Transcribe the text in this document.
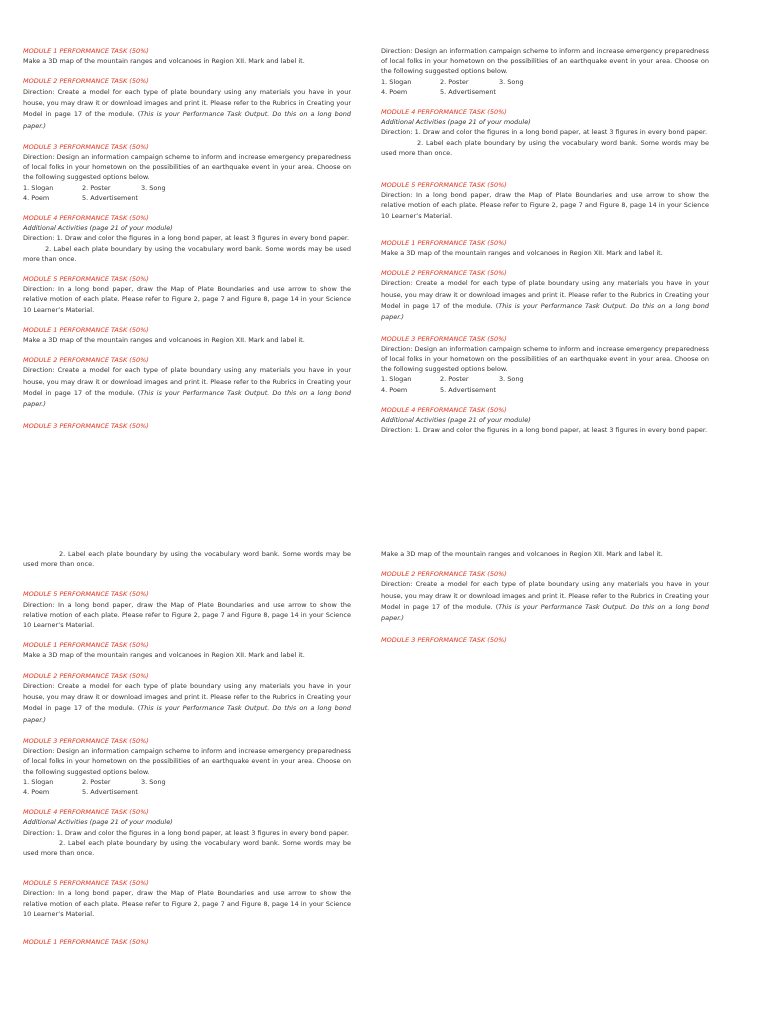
MODULE 1 PERFORMANCE TASK (50%)

Make a 3D map of the mountain ranges and volcanoes in Region XII. Mark and label it.

MODULE 2 PERFORMANCE TASK (50%)

Direction: Create a model for each type of plate boundary using any materials you have in your house, you may draw it or download images and print it. Please refer to the Rubrics in Creating your Model in page 17 of the module. (This is your Performance Task Output. Do this on a long bond paper.)

MODULE 3 PERFORMANCE TASK (50%)

Direction: Design an information campaign scheme to inform and increase emergency preparedness of local folks in your hometown on the possibilities of an earthquake event in your area. Choose on the following suggested options below.

1. Slogan	2. Poster	3. Song
4. Poem	5. Advertisement

MODULE 4 PERFORMANCE TASK (50%)

Additional Activities (page 21 of your module)

Direction: 1. Draw and color the figures in a long bond paper, at least 3 figures in every bond paper.

2. Label each plate boundary by using the vocabulary word bank. Some words may be used more than once.

MODULE 5 PERFORMANCE TASK (50%)

Direction: In a long bond paper, draw the Map of Plate Boundaries and use arrow to show the relative motion of each plate. Please refer to Figure 2, page 7 and Figure 8, page 14 in your Science 10 Learner’s Material.

MODULE 1 PERFORMANCE TASK (50%)

Make a 3D map of the mountain ranges and volcanoes in Region XII. Mark and label it.

MODULE 2 PERFORMANCE TASK (50%)

Direction: Create a model for each type of plate boundary using any materials you have in your house, you may draw it or download images and print it. Please refer to the Rubrics in Creating your Model in page 17 of the module. (This is your Performance Task Output. Do this on a long bond paper.)

MODULE 3 PERFORMANCE TASK (50%)

Direction: Design an information campaign scheme to inform and increase emergency preparedness of local folks in your hometown on the possibilities of an earthquake event in your area. Choose on the following suggested options below.

1. Slogan	2. Poster	3. Song
4. Poem	5. Advertisement

MODULE 4 PERFORMANCE TASK (50%)

Additional Activities (page 21 of your module)

Direction: 1. Draw and color the figures in a long bond paper, at least 3 figures in every bond paper.

2. Label each plate boundary by using the vocabulary word bank. Some words may be used more than once.

MODULE 5 PERFORMANCE TASK (50%)

Direction: In a long bond paper, draw the Map of Plate Boundaries and use arrow to show the relative motion of each plate. Please refer to Figure 2, page 7 and Figure 8, page 14 in your Science 10 Learner’s Material.

MODULE 1 PERFORMANCE TASK (50%)

Make a 3D map of the mountain ranges and volcanoes in Region XII. Mark and label it.

MODULE 2 PERFORMANCE TASK (50%)

Direction: Create a model for each type of plate boundary using any materials you have in your house, you may draw it or download images and print it. Please refer to the Rubrics in Creating your Model in page 17 of the module. (This is your Performance Task Output. Do this on a long bond paper.)

MODULE 3 PERFORMANCE TASK (50%)

Direction: Design an information campaign scheme to inform and increase emergency preparedness of local folks in your hometown on the possibilities of an earthquake event in your area. Choose on the following suggested options below.

1. Slogan	2. Poster	3. Song
4. Poem	5. Advertisement

MODULE 4 PERFORMANCE TASK (50%)

Additional Activities (page 21 of your module)

Direction: 1. Draw and color the figures in a long bond paper, at least 3 figures in every bond paper.

2. Label each plate boundary by using the vocabulary word bank. Some words may be used more than once.

MODULE 5 PERFORMANCE TASK (50%)

Direction: In a long bond paper, draw the Map of Plate Boundaries and use arrow to show the relative motion of each plate. Please refer to Figure 2, page 7 and Figure 8, page 14 in your Science 10 Learner’s Material.

MODULE 1 PERFORMANCE TASK (50%)

Make a 3D map of the mountain ranges and volcanoes in Region XII. Mark and label it.

MODULE 2 PERFORMANCE TASK (50%)

Direction: Create a model for each type of plate boundary using any materials you have in your house, you may draw it or download images and print it. Please refer to the Rubrics in Creating your Model in page 17 of the module. (This is your Performance Task Output. Do this on a long bond paper.)

MODULE 3 PERFORMANCE TASK (50%)

Direction: Design an information campaign scheme to inform and increase emergency preparedness of local folks in your hometown on the possibilities of an earthquake event in your area. Choose on the following suggested options below.

1. Slogan	2. Poster	3. Song
4. Poem	5. Advertisement

MODULE 4 PERFORMANCE TASK (50%)

Additional Activities (page 21 of your module)

Direction: 1. Draw and color the figures in a long bond paper, at least 3 figures in every bond paper.

2. Label each plate boundary by using the vocabulary word bank. Some words may be used more than once.

MODULE 5 PERFORMANCE TASK (50%)

Direction: In a long bond paper, draw the Map of Plate Boundaries and use arrow to show the relative motion of each plate. Please refer to Figure 2, page 7 and Figure 8, page 14 in your Science 10 Learner’s Material.

MODULE 1 PERFORMANCE TASK (50%)

Make a 3D map of the mountain ranges and volcanoes in Region XII. Mark and label it.

MODULE 2 PERFORMANCE TASK (50%)

Direction: Create a model for each type of plate boundary using any materials you have in your house, you may draw it or download images and print it. Please refer to the Rubrics in Creating your Model in page 17 of the module. (This is your Performance Task Output. Do this on a long bond paper.)

MODULE 3 PERFORMANCE TASK (50%)
